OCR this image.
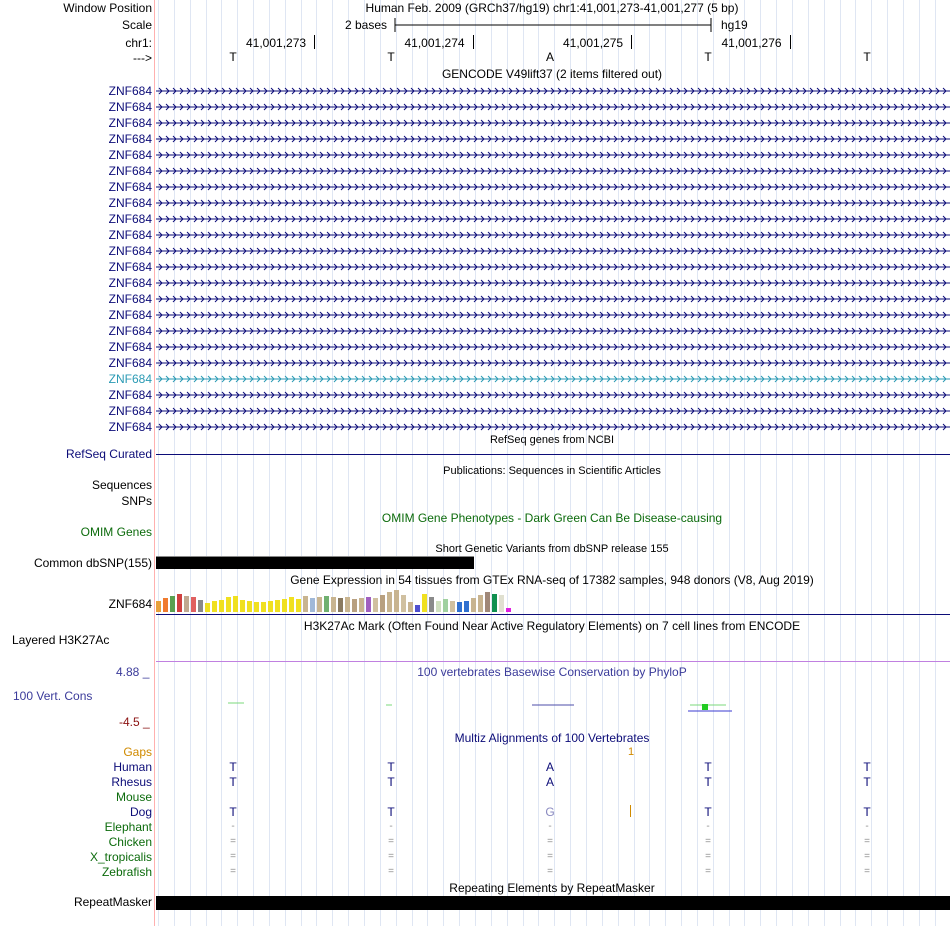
Window Position	Human Feb. 2009 (GRCh37/hg19) chr1:41,001,273-41,001,277 (5 bp)
Scale	2 bases	hg19
chr1:	41,001,273	41,001,274	41,001,275	41,001,276
--->	T	T	A	T	T
GENCODE V49lift37 (2 items filtered out)
ZNF684
ZNF684
ZNF684
ZNF684
ZNF684
ZNF684
ZNF684
ZNF684
ZNF684
ZNF684
ZNF684
ZNF684
ZNF684
ZNF684
ZNF684
ZNF684
ZNF684
ZNF684
ZNF684
ZNF684
ZNF684
ZNF684
RefSeq genes from NCBI
RefSeq Curated
Publications: Sequences in Scientific Articles
Sequences
SNPs
OMIM Gene Phenotypes - Dark Green Can Be Disease-causing
OMIM Genes
Short Genetic Variants from dbSNP release 155
Common dbSNP(155)
Gene Expression in 54 tissues from GTEx RNA-seq of 17382 samples, 948 donors (V8, Aug 2019)
ZNF684
H3K27Ac Mark (Often Found Near Active Regulatory Elements) on 7 cell lines from ENCODE
Layered H3K27Ac
100 vertebrates Basewise Conservation by PhyloP
4.88 _
100 Vert. Cons
-4.5 _
Multiz Alignments of 100 Vertebrates
Gaps	1
Human	T	T	A	T	T
Rhesus	T	T	A	T	T
Mouse
Dog	T	T	G	T	T
Elephant	-	-	-	-	-
Chicken	=	=	=	=	=
X_tropicalis	=	=	=	=	=
Zebrafish	=	=	=	=	=
Repeating Elements by RepeatMasker
RepeatMasker
